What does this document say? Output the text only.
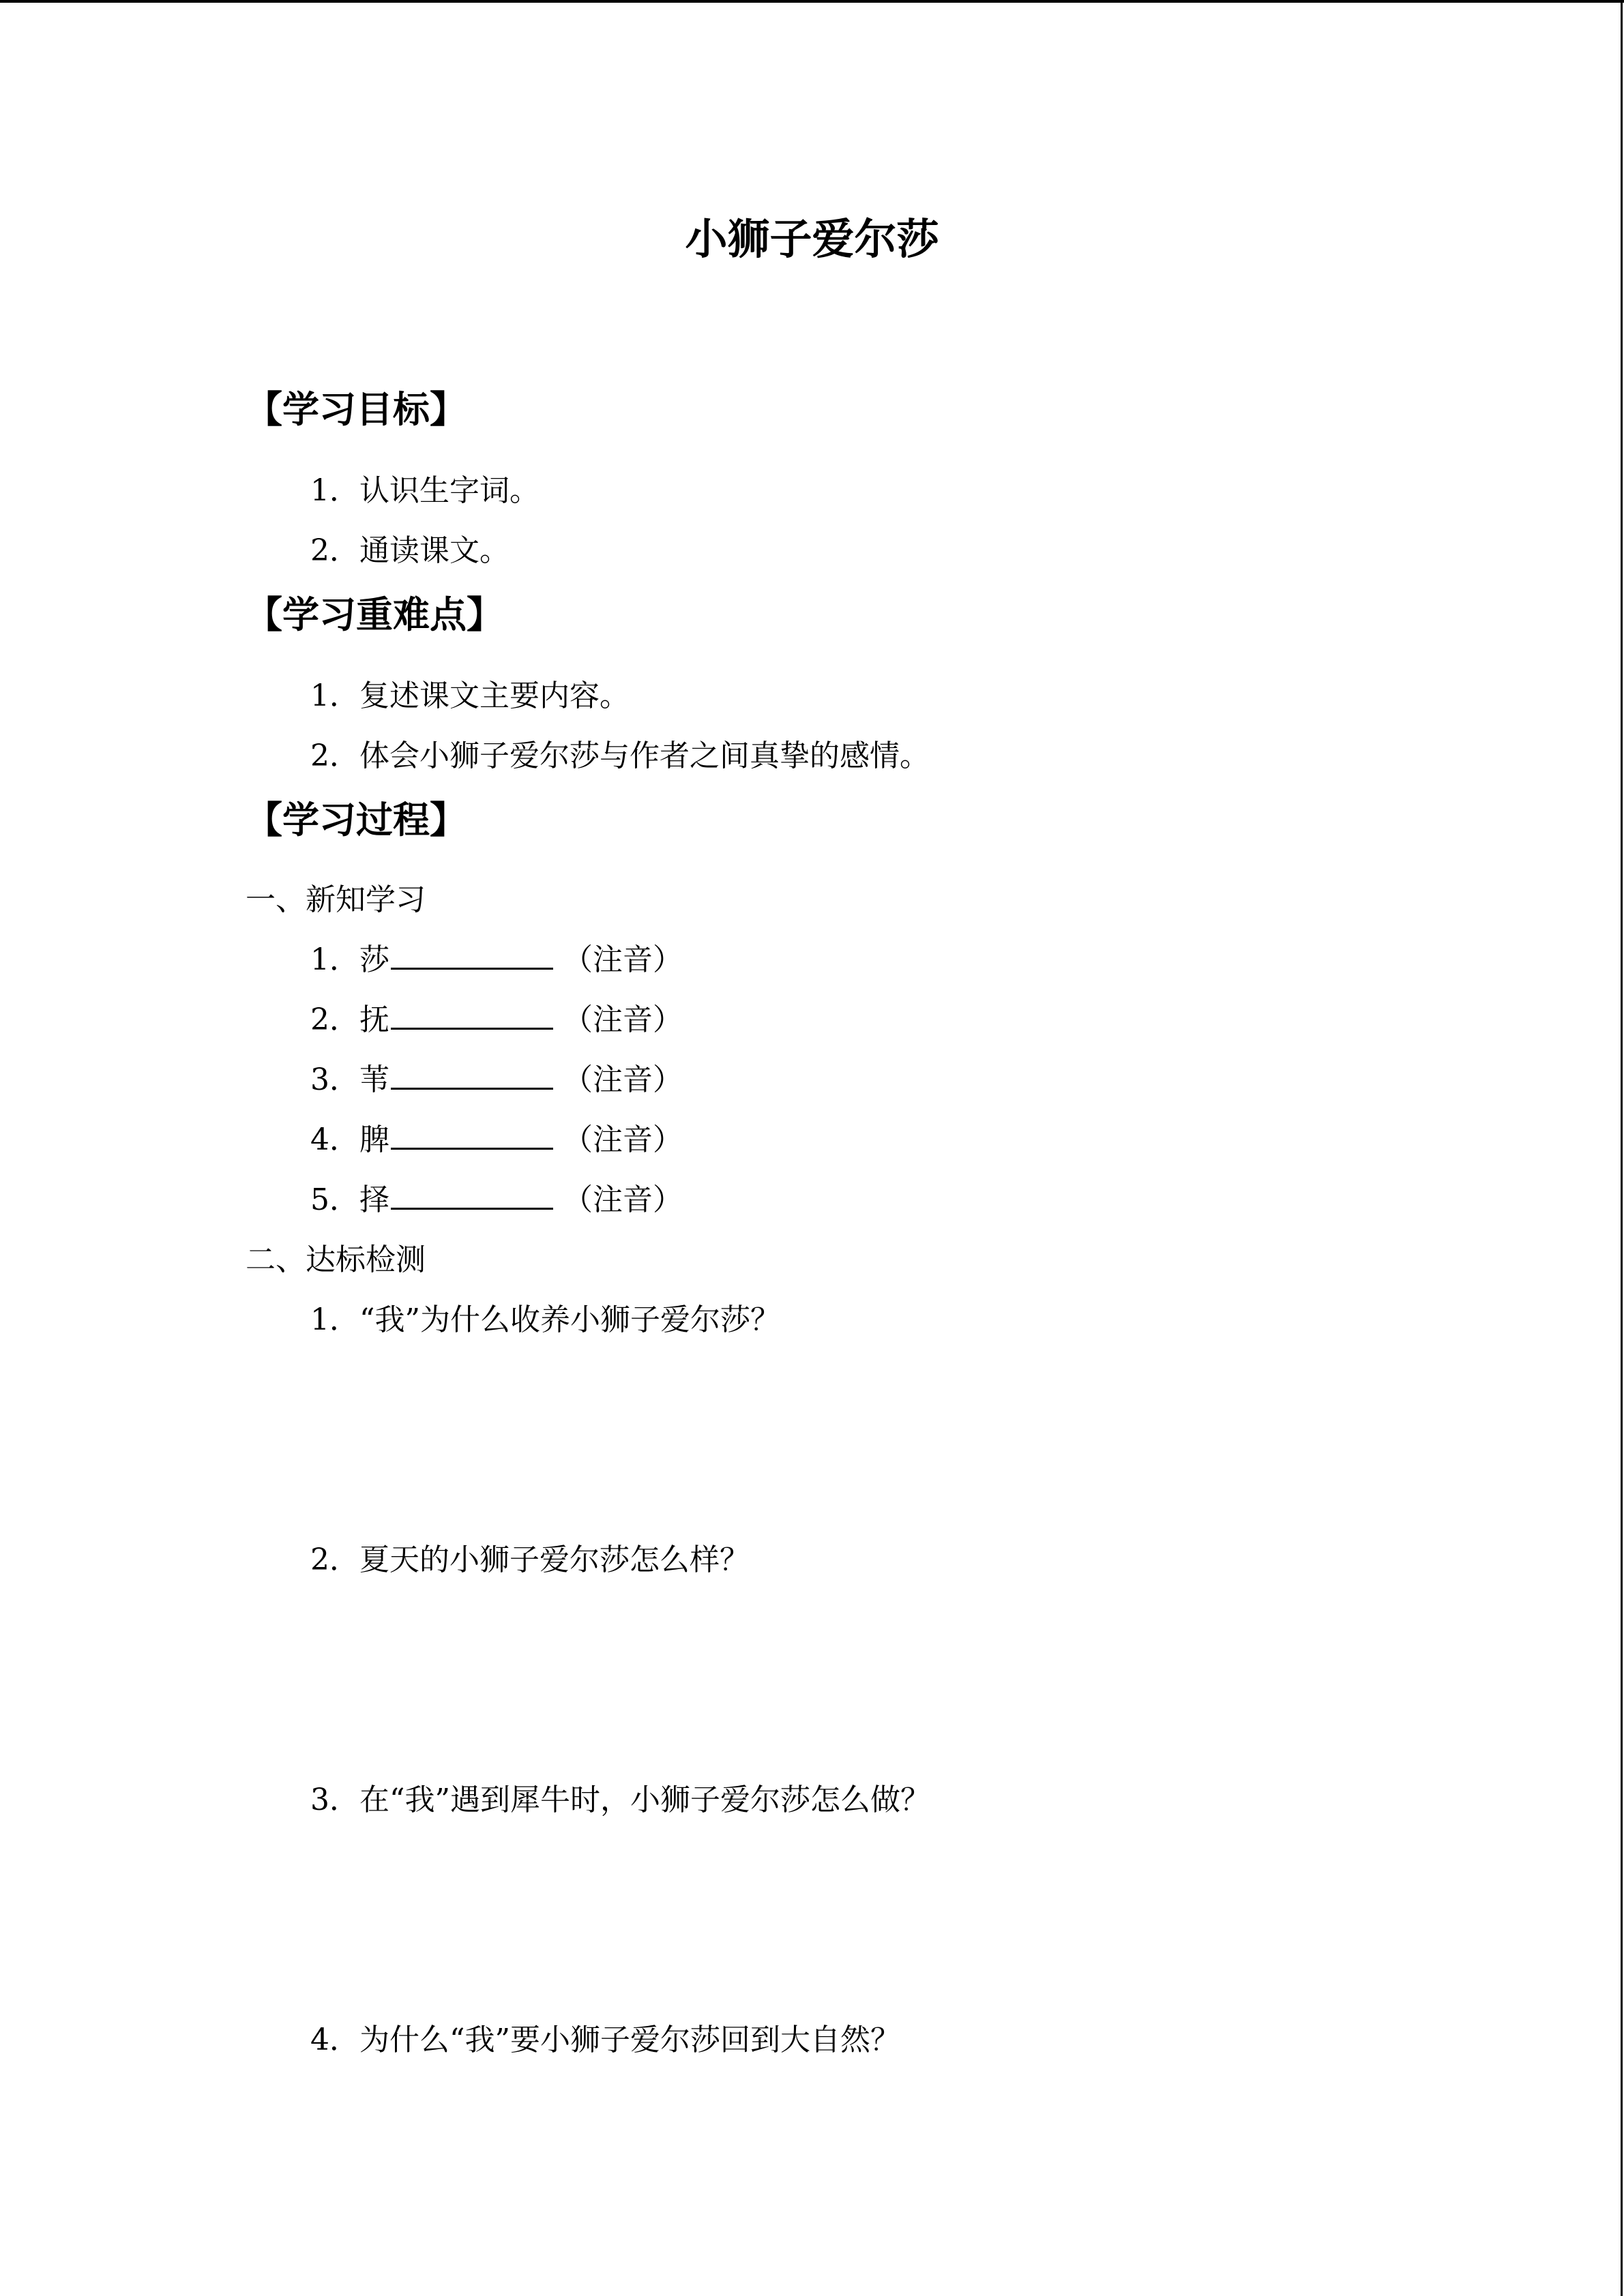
小狮子爱尔莎
【学习目标】
1．认识生字词。
2．通读课文。
【学习重难点】
1．复述课文主要内容。
2．体会小狮子爱尔莎与作者之间真挚的感情。
【学习过程】
一、新知学习
1．莎	（注音）
2．抚	（注音）
3．苇	（注音）
4．脾	（注音）
5．择	（注音）
二、达标检测
1．“我”为什么收养小狮子爱尔莎？
2．夏天的小狮子爱尔莎怎么样？
3．在“我”遇到犀牛时，小狮子爱尔莎怎么做？
4．为什么“我”要小狮子爱尔莎回到大自然？
